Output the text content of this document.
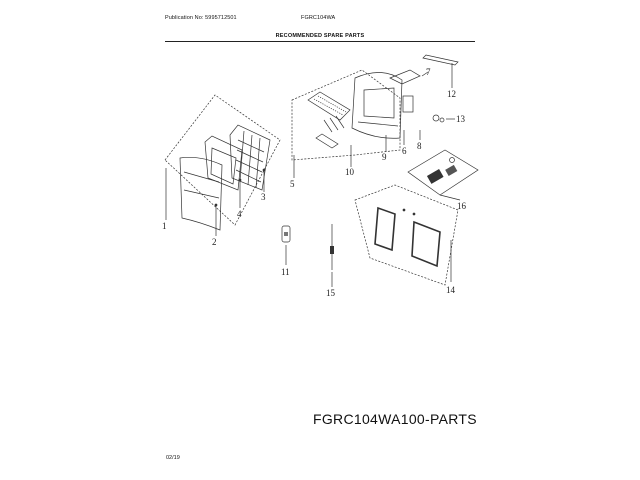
Publication No: 5995712501	FGRC104WA
RECOMMENDED SPARE PARTS
1
2
3
4
5
6
7
8
9
10
11
12
13
14
15
16
FGRC104WA100-PARTS
02/19
